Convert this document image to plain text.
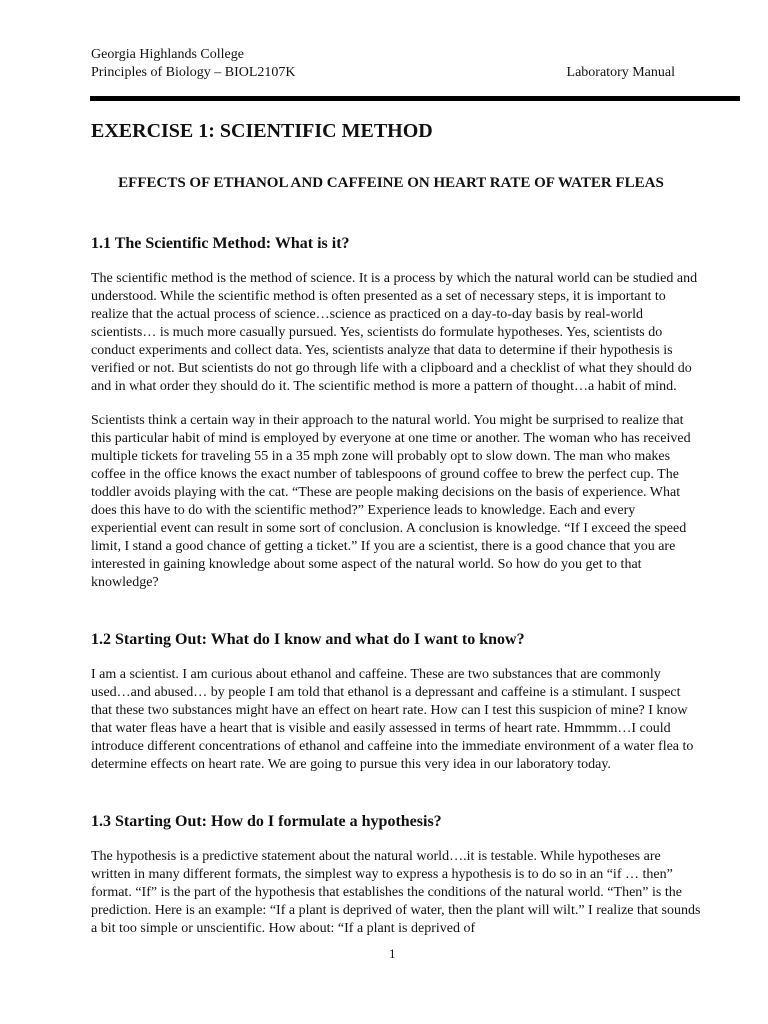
Georgia Highlands College
Principles of Biology – BIOL2107K	Laboratory Manual
EXERCISE 1: SCIENTIFIC METHOD
EFFECTS OF ETHANOL AND CAFFEINE ON HEART RATE OF WATER FLEAS
1.1 The Scientific Method: What is it?

The scientific method is the method of science. It is a process by which the natural world can be studied and understood. While the scientific method is often presented as a set of necessary steps, it is important to realize that the actual process of science…science as practiced on a day-to-day basis by real-world scientists… is much more casually pursued. Yes, scientists do formulate hypotheses. Yes, scientists do conduct experiments and collect data. Yes, scientists analyze that data to determine if their hypothesis is verified or not. But scientists do not go through life with a clipboard and a checklist of what they should do and in what order they should do it. The scientific method is more a pattern of thought…a habit of mind.

Scientists think a certain way in their approach to the natural world. You might be surprised to realize that this particular habit of mind is employed by everyone at one time or another. The woman who has received multiple tickets for traveling 55 in a 35 mph zone will probably opt to slow down. The man who makes coffee in the office knows the exact number of tablespoons of ground coffee to brew the perfect cup. The toddler avoids playing with the cat. “These are people making decisions on the basis of experience. What does this have to do with the scientific method?” Experience leads to knowledge. Each and every experiential event can result in some sort of conclusion. A conclusion is knowledge. “If I exceed the speed limit, I stand a good chance of getting a ticket.” If you are a scientist, there is a good chance that you are interested in gaining knowledge about some aspect of the natural world. So how do you get to that knowledge?

1.2 Starting Out: What do I know and what do I want to know?

I am a scientist. I am curious about ethanol and caffeine. These are two substances that are commonly used…and abused… by people I am told that ethanol is a depressant and caffeine is a stimulant. I suspect that these two substances might have an effect on heart rate. How can I test this suspicion of mine? I know that water fleas have a heart that is visible and easily assessed in terms of heart rate. Hmmmm…I could introduce different concentrations of ethanol and caffeine into the immediate environment of a water flea to determine effects on heart rate. We are going to pursue this very idea in our laboratory today.

1.3 Starting Out: How do I formulate a hypothesis?

The hypothesis is a predictive statement about the natural world….it is testable. While hypotheses are written in many different formats, the simplest way to express a hypothesis is to do so in an “if … then” format. “If” is the part of the hypothesis that establishes the conditions of the natural world. “Then” is the prediction. Here is an example: “If a plant is deprived of water, then the plant will wilt.” I realize that sounds a bit too simple or unscientific. How about: “If a plant is deprived of

1
